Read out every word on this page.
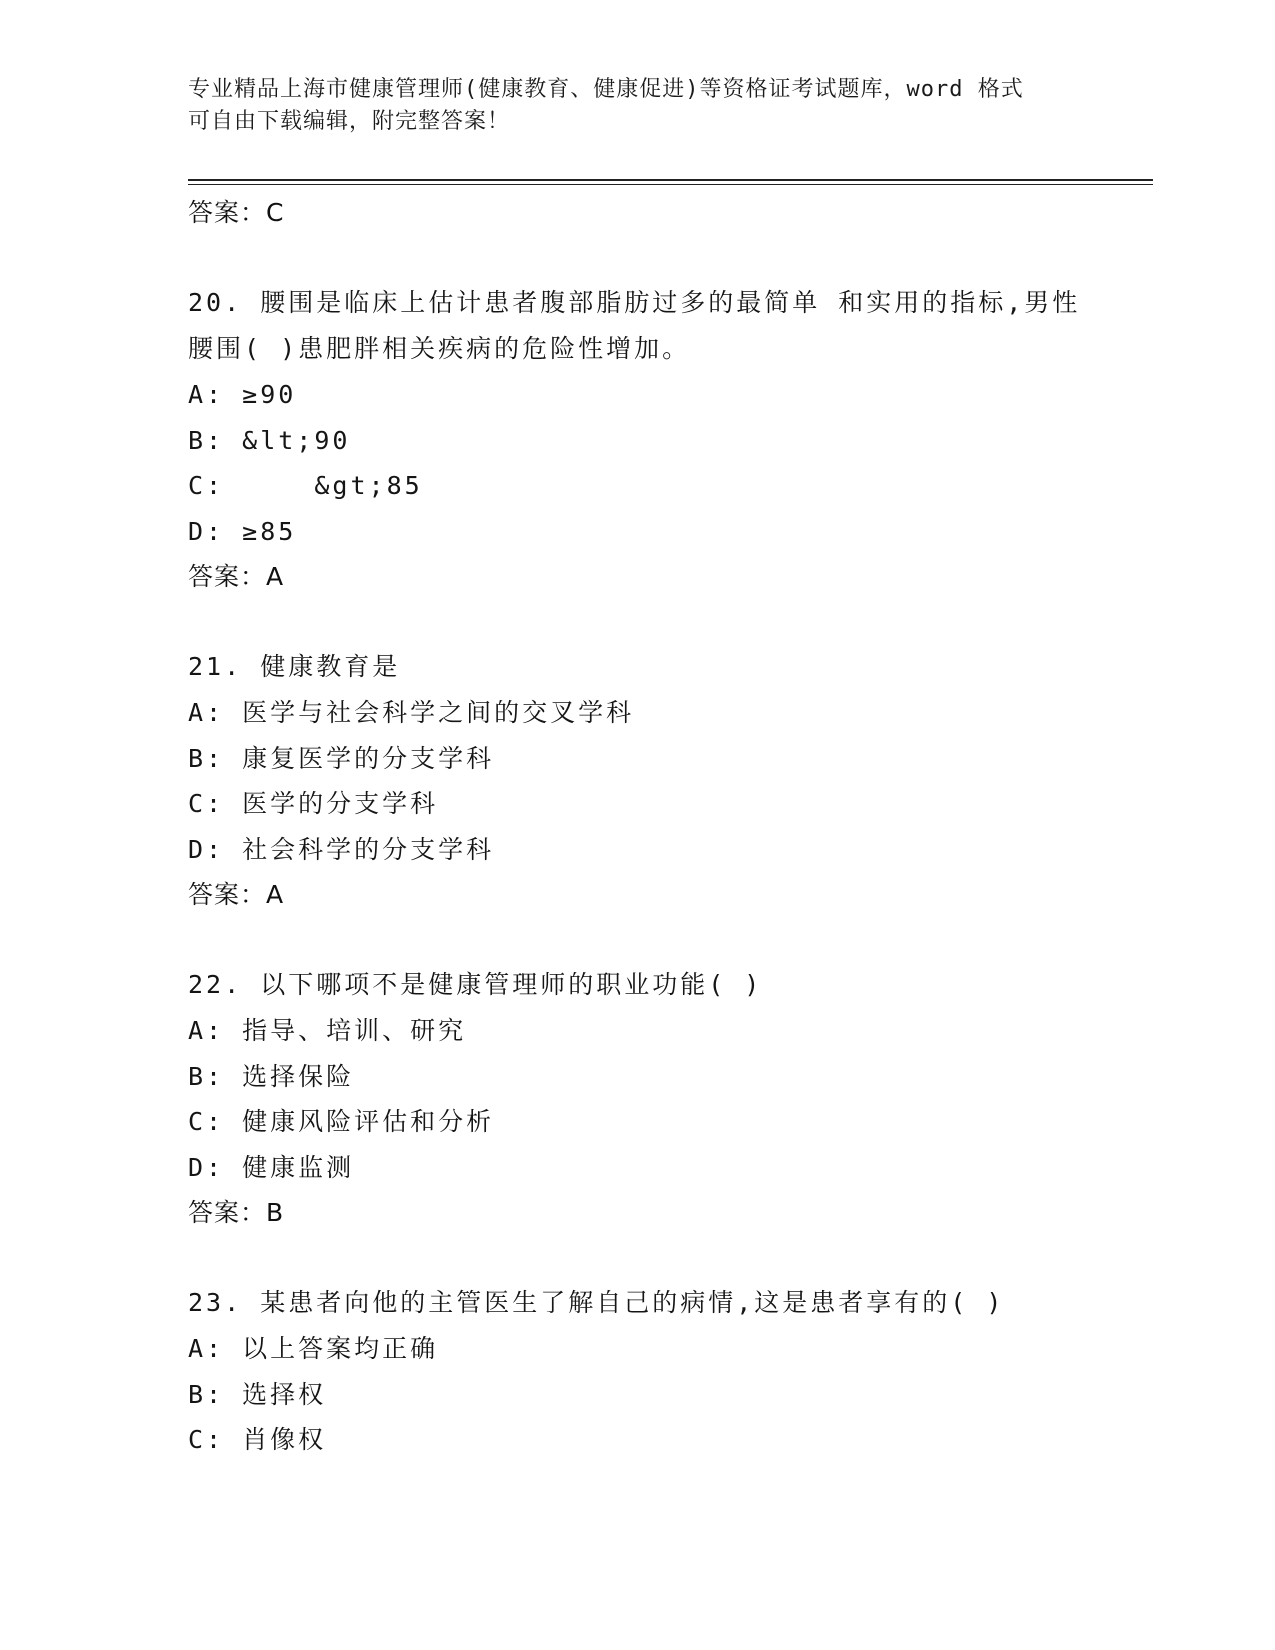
专业精品上海市健康管理师(健康教育、健康促进)等资格证考试题库，word 格式
可自由下载编辑，附完整答案！
答案：C
20. 腰围是临床上估计患者腹部脂肪过多的最简单 和实用的指标,男性腰围( )患肥胖相关疾病的危险性增加。
A: ≥90
B: &lt;90
C:     &gt;85
D: ≥85
答案：A
21. 健康教育是
A: 医学与社会科学之间的交叉学科
B: 康复医学的分支学科
C: 医学的分支学科
D: 社会科学的分支学科
答案：A
22. 以下哪项不是健康管理师的职业功能( )
A: 指导、培训、研究
B: 选择保险
C: 健康风险评估和分析
D: 健康监测
答案：B
23. 某患者向他的主管医生了解自己的病情,这是患者享有的( )
A: 以上答案均正确
B: 选择权
C: 肖像权
